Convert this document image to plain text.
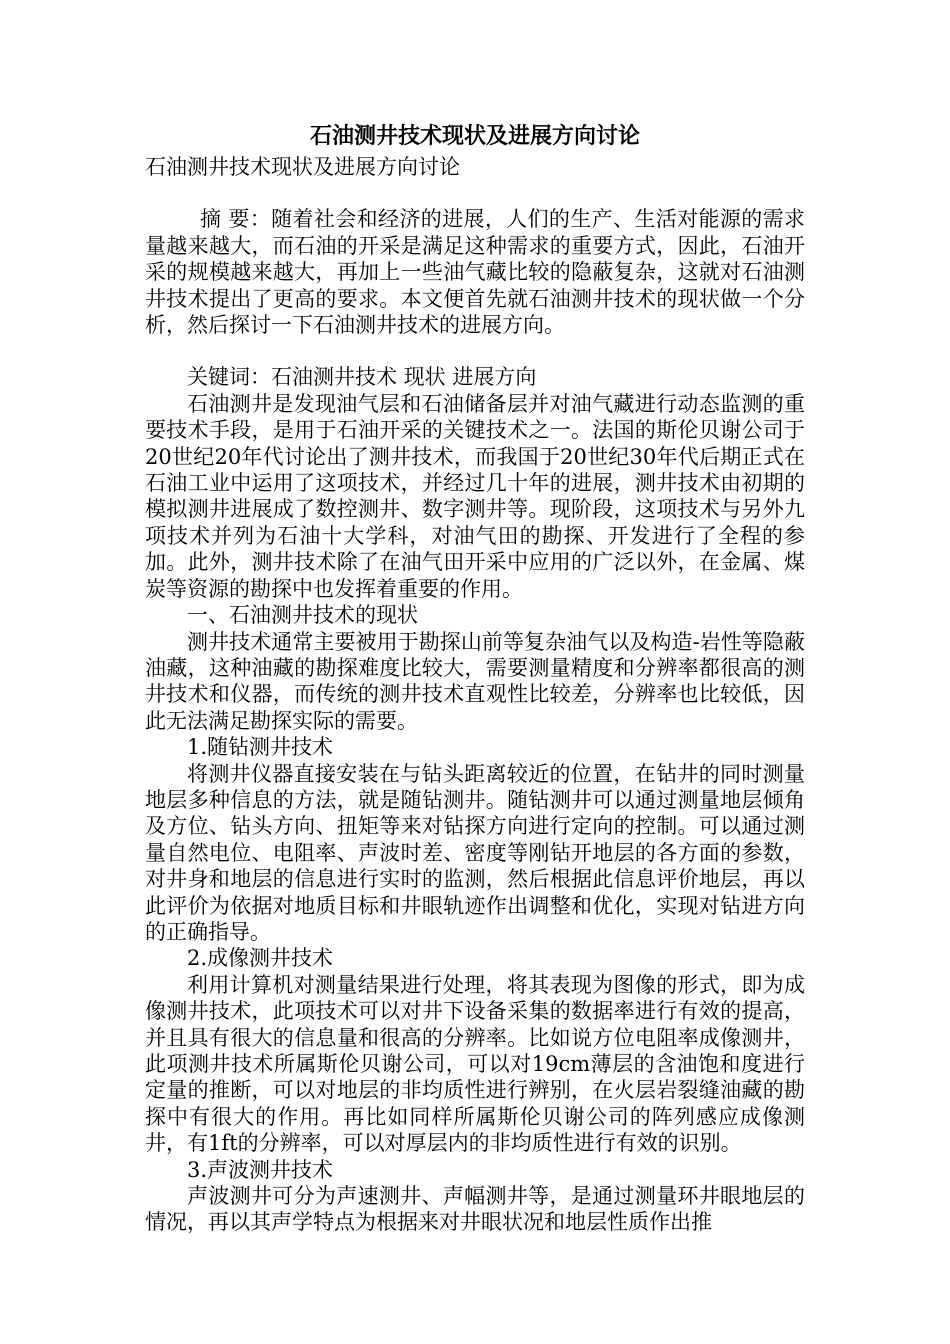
石油测井技术现状及进展方向讨论

石油测井技术现状及进展方向讨论

摘 要：随着社会和经济的进展，人们的生产、生活对能源的需求量越来越大，而石油的开采是满足这种需求的重要方式，因此，石油开采的规模越来越大，再加上一些油气藏比较的隐蔽复杂，这就对石油测井技术提出了更高的要求。本文便首先就石油测井技术的现状做一个分析，然后探讨一下石油测井技术的进展方向。

关键词：石油测井技术 现状 进展方向

石油测井是发现油气层和石油储备层并对油气藏进行动态监测的重要技术手段，是用于石油开采的关键技术之一。法国的斯伦贝谢公司于20世纪20年代讨论出了测井技术，而我国于20世纪30年代后期正式在石油工业中运用了这项技术，并经过几十年的进展，测井技术由初期的模拟测井进展成了数控测井、数字测井等。现阶段，这项技术与另外九项技术并列为石油十大学科，对油气田的勘探、开发进行了全程的参加。此外，测井技术除了在油气田开采中应用的广泛以外，在金属、煤炭等资源的勘探中也发挥着重要的作用。

一、石油测井技术的现状

测井技术通常主要被用于勘探山前等复杂油气以及构造-岩性等隐蔽油藏，这种油藏的勘探难度比较大，需要测量精度和分辨率都很高的测井技术和仪器，而传统的测井技术直观性比较差，分辨率也比较低，因此无法满足勘探实际的需要。

1.随钻测井技术

将测井仪器直接安装在与钻头距离较近的位置，在钻井的同时测量地层多种信息的方法，就是随钻测井。随钻测井可以通过测量地层倾角及方位、钻头方向、扭矩等来对钻探方向进行定向的控制。可以通过测量自然电位、电阻率、声波时差、密度等刚钻开地层的各方面的参数，对井身和地层的信息进行实时的监测，然后根据此信息评价地层，再以此评价为依据对地质目标和井眼轨迹作出调整和优化，实现对钻进方向的正确指导。

2.成像测井技术

利用计算机对测量结果进行处理，将其表现为图像的形式，即为成像测井技术，此项技术可以对井下设备采集的数据率进行有效的提高，并且具有很大的信息量和很高的分辨率。比如说方位电阻率成像测井，此项测井技术所属斯伦贝谢公司，可以对19cm薄层的含油饱和度进行定量的推断，可以对地层的非均质性进行辨别，在火层岩裂缝油藏的勘探中有很大的作用。再比如同样所属斯伦贝谢公司的阵列感应成像测井，有1ft的分辨率，可以对厚层内的非均质性进行有效的识别。

3.声波测井技术

声波测井可分为声速测井、声幅测井等，是通过测量环井眼地层的情况，再以其声学特点为根据来对井眼状况和地层性质作出推
